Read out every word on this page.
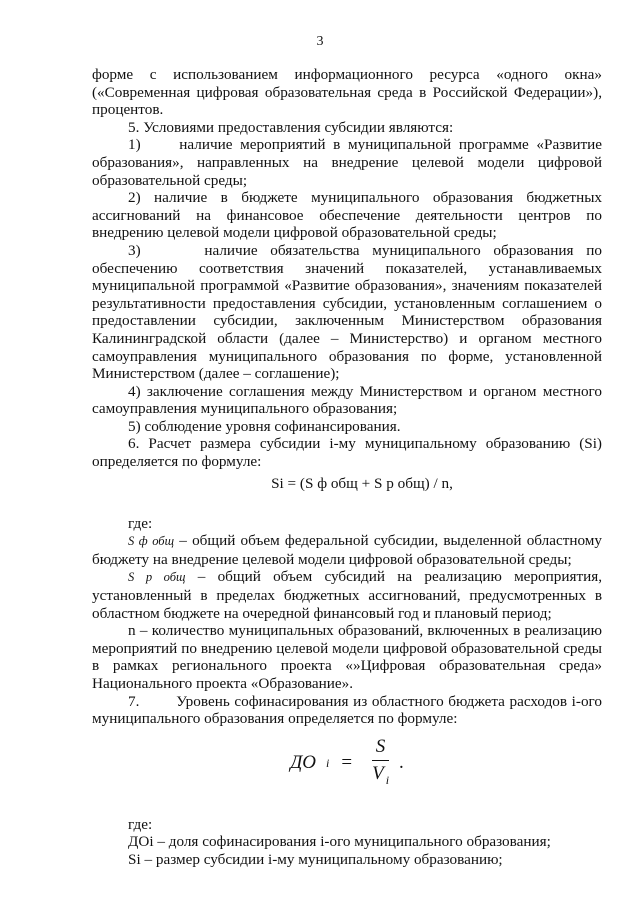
3

форме с использованием информационного ресурса «одного окна» («Современная цифровая образовательная среда в Российской Федерации»), процентов.

5. Условиями предоставления субсидии являются:

1)     наличие мероприятий в муниципальной программе «Развитие образования», направленных на внедрение целевой модели цифровой образовательной среды;

2) наличие в бюджете муниципального образования бюджетных ассигнований на финансовое обеспечение деятельности центров по внедрению целевой модели цифровой образовательной среды;

3)     наличие обязательства муниципального образования по обеспечению соответствия значений показателей, устанавливаемых муниципальной программой «Развитие образования», значениям показателей результативности предоставления субсидии, установленным соглашением о предоставлении субсидии, заключенным Министерством образования Калининградской области (далее – Министерство) и органом местного самоуправления муниципального образования по форме, установленной Министерством (далее – соглашение);

4) заключение соглашения между Министерством и органом местного самоуправления муниципального образования;

5) соблюдение уровня софинансирования.

6. Расчет размера субсидии i-му муниципальному образованию (Si) определяется по формуле:

Si = (S ф общ + S р общ) / n,

где:

S ф общ – общий объем федеральной субсидии, выделенной областному бюджету на внедрение целевой модели цифровой образовательной среды;

S р общ – общий объем субсидий на реализацию мероприятия, установленный в пределах бюджетных ассигнований, предусмотренных в областном бюджете на очередной финансовый год и плановый период;

n – количество муниципальных образований, включенных в реализацию мероприятий по внедрению целевой модели цифровой образовательной среды в рамках регионального проекта «»Цифровая образовательная среда» Национального проекта «Образование».

7.        Уровень софинасирования из областного бюджета расходов i-ого муниципального образования определяется по формуле:

ДО $i = \frac{S}{V _i}$ .

где:

ДОi – доля софинасирования i-ого муниципального образования;

Si – размер субсидии i-му муниципальному образованию;
